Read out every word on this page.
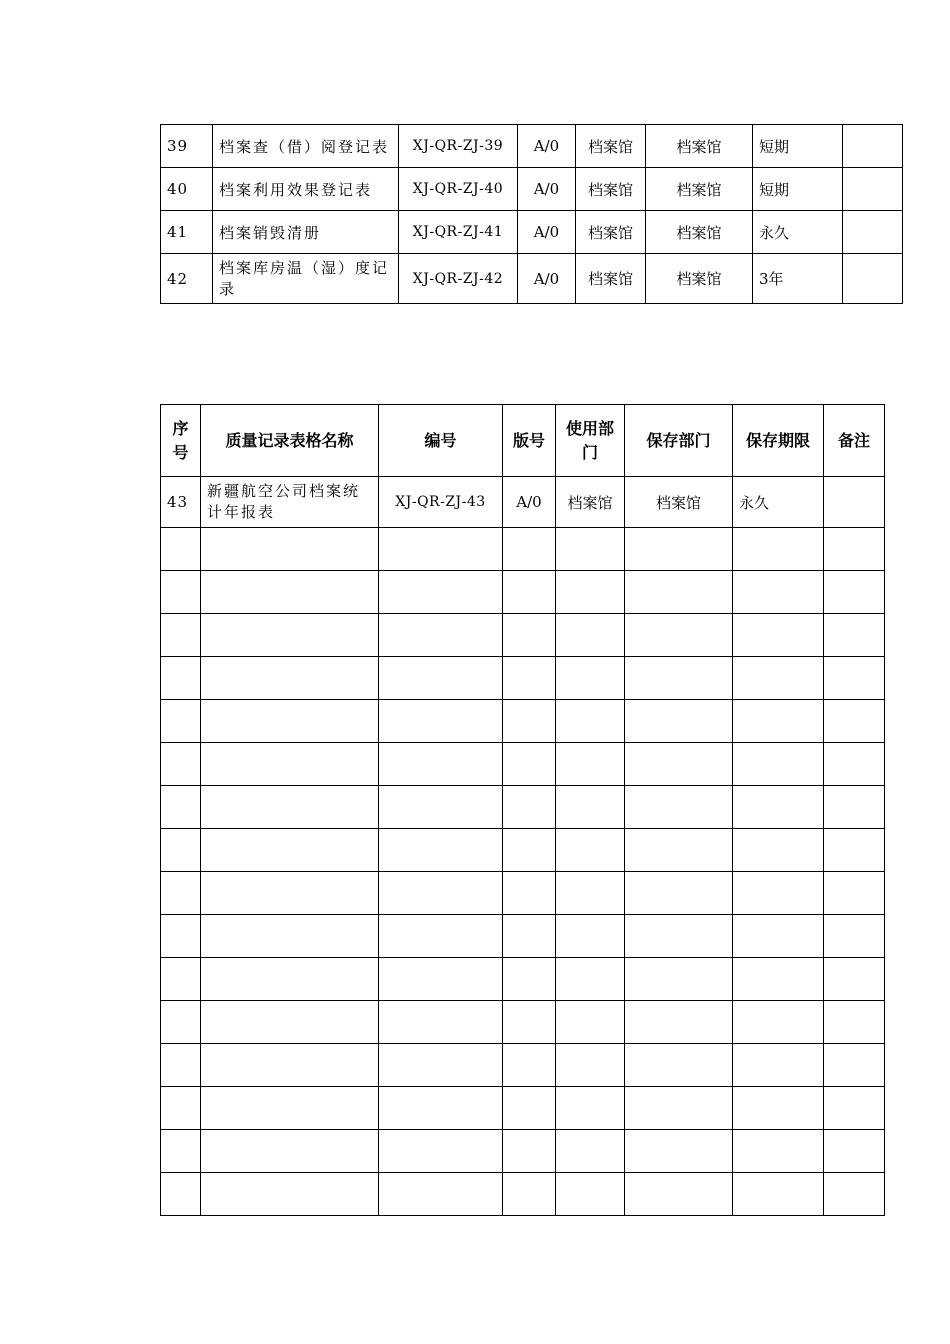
39	档案查（借）阅登记表	XJ-QR-ZJ-39	A/0	档案馆	档案馆	短期	
40	档案利用效果登记表	XJ-QR-ZJ-40	A/0	档案馆	档案馆	短期	
41	档案销毁清册	XJ-QR-ZJ-41	A/0	档案馆	档案馆	永久	
42	档案库房温（湿）度记录	XJ-QR-ZJ-42	A/0	档案馆	档案馆	3年	
序号	质量记录表格名称	编号	版号	使用部门	保存部门	保存期限	备注
43	新疆航空公司档案统计年报表	XJ-QR-ZJ-43	A/0	档案馆	档案馆	永久	
